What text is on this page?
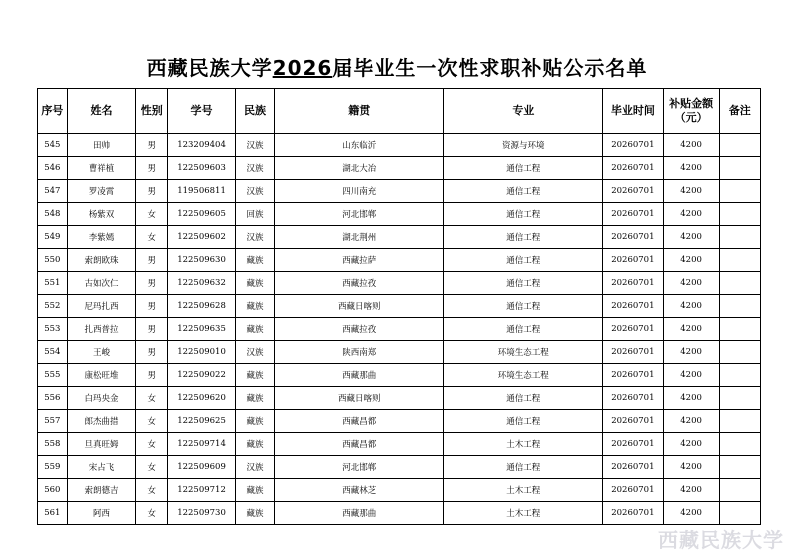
西藏民族大学2026届毕业生一次性求职补贴公示名单
序号	姓名	性别	学号	民族	籍贯	专业	毕业时间	补贴金额（元）	备注
545	田帅	男	123209404	汉族	山东临沂	资源与环境	20260701	4200	
546	曹祥植	男	122509603	汉族	湖北大冶	通信工程	20260701	4200	
547	罗凌霄	男	119506811	汉族	四川南充	通信工程	20260701	4200	
548	杨紫双	女	122509605	回族	河北邯郸	通信工程	20260701	4200	
549	李紫嫣	女	122509602	汉族	湖北荆州	通信工程	20260701	4200	
550	索朗欧珠	男	122509630	藏族	西藏拉萨	通信工程	20260701	4200	
551	古如次仁	男	122509632	藏族	西藏拉孜	通信工程	20260701	4200	
552	尼玛扎西	男	122509628	藏族	西藏日喀则	通信工程	20260701	4200	
553	扎西普拉	男	122509635	藏族	西藏拉孜	通信工程	20260701	4200	
554	王峻	男	122509010	汉族	陕西南郑	环境生态工程	20260701	4200	
555	康松旺堆	男	122509022	藏族	西藏那曲	环境生态工程	20260701	4200	
556	白玛央金	女	122509620	藏族	西藏日喀则	通信工程	20260701	4200	
557	郎杰曲措	女	122509625	藏族	西藏昌都	通信工程	20260701	4200	
558	旦真旺姆	女	122509714	藏族	西藏昌都	土木工程	20260701	4200	
559	宋占飞	女	122509609	汉族	河北邯郸	通信工程	20260701	4200	
560	索朗德吉	女	122509712	藏族	西藏林芝	土木工程	20260701	4200	
561	阿西	女	122509730	藏族	西藏那曲	土木工程	20260701	4200	
西藏民族大学
